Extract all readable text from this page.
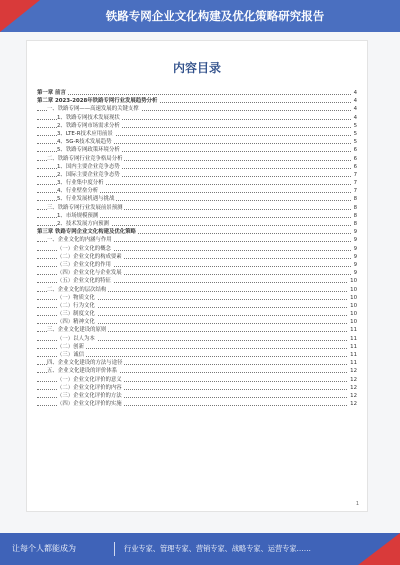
铁路专网企业文化构建及优化策略研究报告
内容目录
第一章 前言	4
第二章 2023-2028年铁路专网行业发展趋势分析	4
一、铁路专网——高速发展的关键支撑	4
1、铁路专网技术发展现状	4
2、铁路专网市场需求分析	5
3、LTE-R技术应用前景	5
4、5G-R技术发展趋势	5
5、铁路专网政策环境分析	6
二、铁路专网行业竞争格局分析	6
1、国内主要企业竞争态势	6
2、国际主要企业竞争态势	7
3、行业集中度分析	7
4、行业壁垒分析	7
5、行业发展机遇与挑战	8
三、铁路专网行业发展前景预测	8
1、市场规模预测	8
2、技术发展方向预测	8
第三章 铁路专网企业文化构建及优化策略	9
一、企业文化的内涵与作用	9
（一）企业文化的概念	9
（二）企业文化的构成要素	9
（三）企业文化的作用	9
（四）企业文化与企业发展	9
（五）企业文化的特征	10
二、企业文化的层次结构	10
（一）物质文化	10
（二）行为文化	10
（三）制度文化	10
（四）精神文化	10
三、企业文化建设的原则	11
（一）以人为本	11
（二）创新	11
（三）诚信	11
四、企业文化建设的方法与途径	11
五、企业文化建设的评价体系	12
（一）企业文化评价的意义	12
（二）企业文化评价的内容	12
（三）企业文化评价的方法	12
（四）企业文化评价的实施	12
1
让每个人都能成为	行业专家、管理专家、营销专家、战略专家、运营专家……
